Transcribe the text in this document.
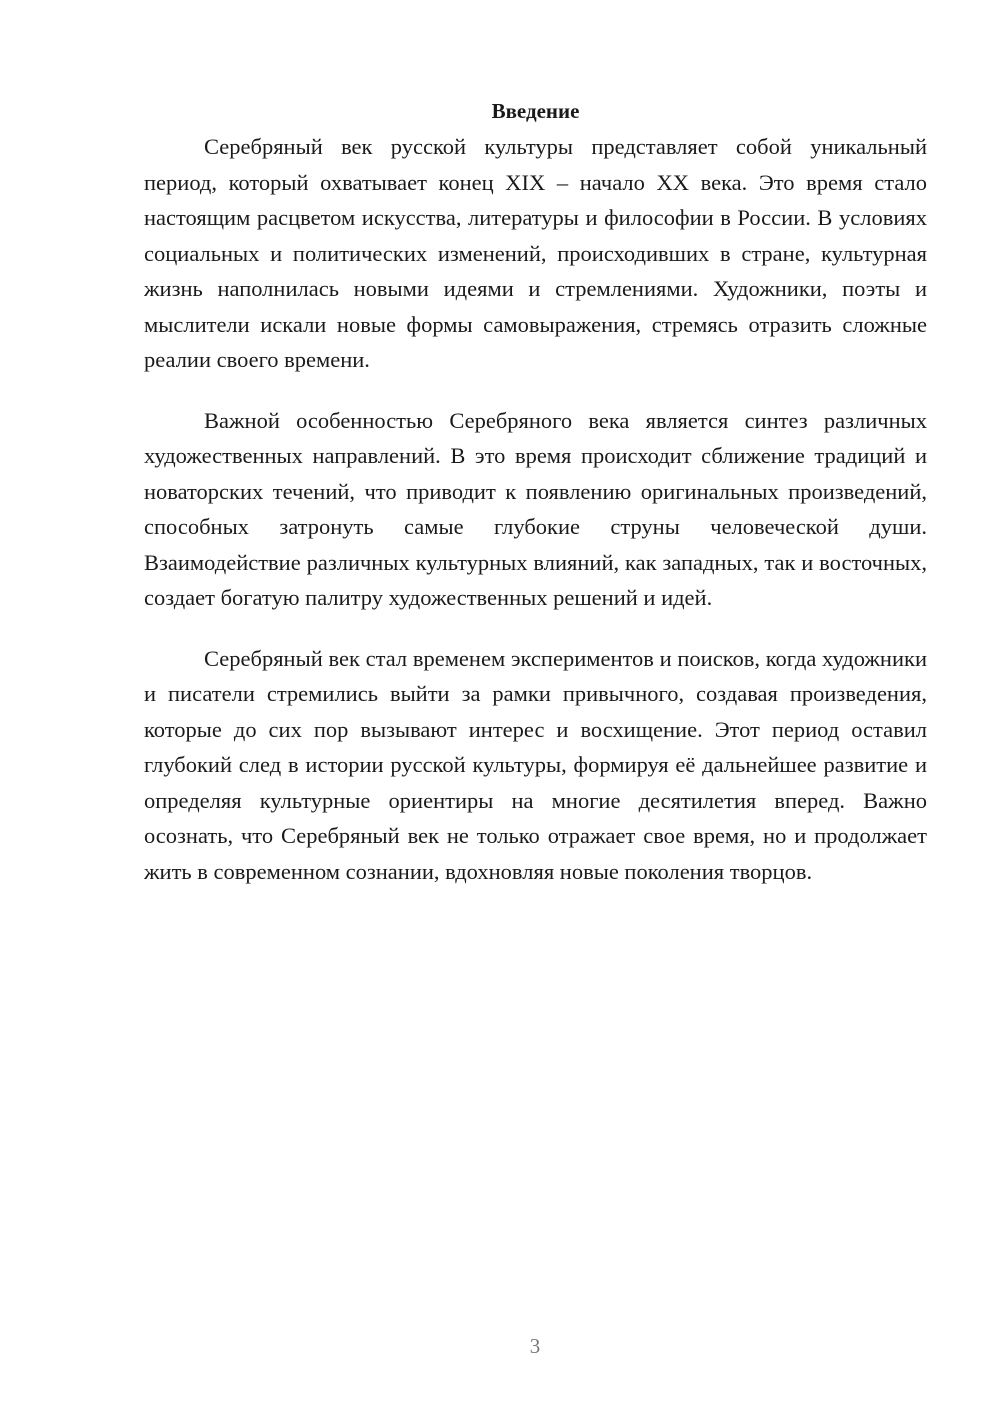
Введение

Серебряный век русской культуры представляет собой уникальный период, который охватывает конец XIX – начало XX века. Это время стало настоящим расцветом искусства, литературы и философии в России. В условиях социальных и политических изменений, происходивших в стране, культурная жизнь наполнилась новыми идеями и стремлениями. Художники, поэты и мыслители искали новые формы самовыражения, стремясь отразить сложные реалии своего времени.

Важной особенностью Серебряного века является синтез различных художественных направлений. В это время происходит сближение традиций и новаторских течений, что приводит к появлению оригинальных произведений, способных затронуть самые глубокие струны человеческой души. Взаимодействие различных культурных влияний, как западных, так и восточных, создает богатую палитру художественных решений и идей.

Серебряный век стал временем экспериментов и поисков, когда художники и писатели стремились выйти за рамки привычного, создавая произведения, которые до сих пор вызывают интерес и восхищение. Этот период оставил глубокий след в истории русской культуры, формируя её дальнейшее развитие и определяя культурные ориентиры на многие десятилетия вперед. Важно осознать, что Серебряный век не только отражает свое время, но и продолжает жить в современном сознании, вдохновляя новые поколения творцов.

3
